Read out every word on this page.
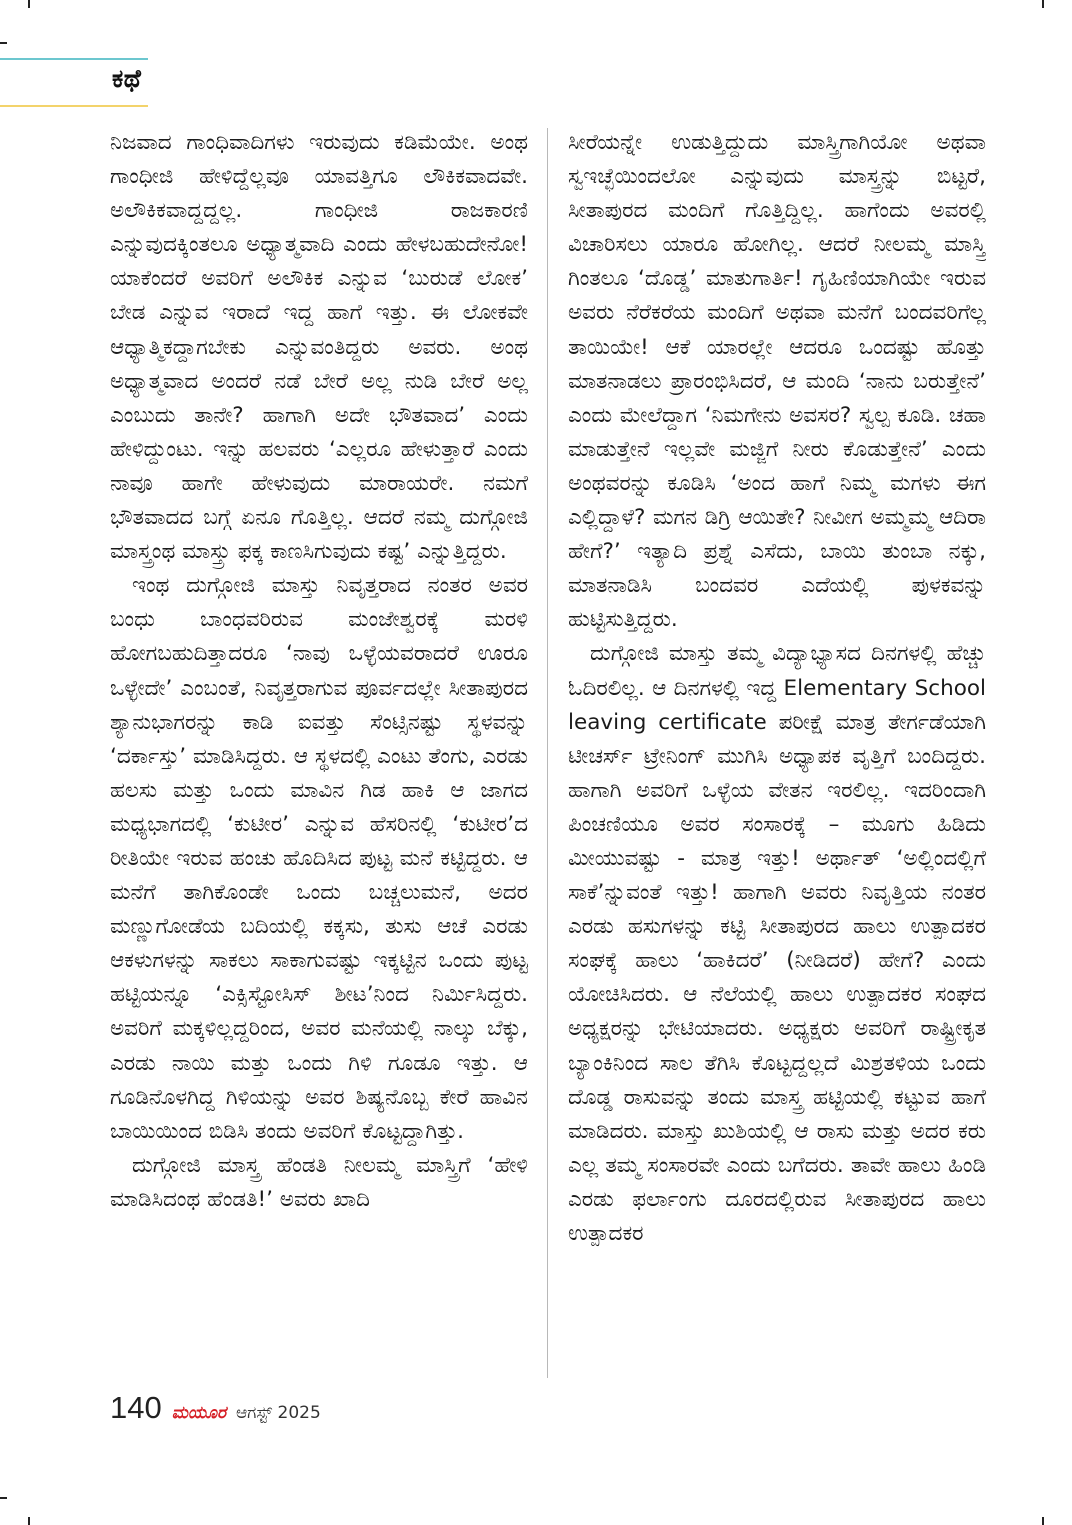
ಕಥೆ

ನಿಜವಾದ ಗಾಂಧಿವಾದಿಗಳು ಇರುವುದು ಕಡಿಮೆಯೇ. ಅಂಥ ಗಾಂಧೀಜಿ ಹೇಳಿದ್ದೆಲ್ಲವೂ ಯಾವತ್ತಿಗೂ ಲೌಕಿಕವಾದವೇ. ಅಲೌಕಿಕವಾದ್ದದ್ದಲ್ಲ. ಗಾಂಧೀಜಿ ರಾಜಕಾರಣಿ ಎನ್ನುವುದಕ್ಕಿಂತಲೂ ಅಧ್ಯಾತ್ಮವಾದಿ ಎಂದು ಹೇಳಬಹುದೇನೋ! ಯಾಕೆಂದರೆ ಅವರಿಗೆ ಅಲೌಕಿಕ ಎನ್ನುವ ‘ಬುರುಡೆ ಲೋಕ’ ಬೇಡ ಎನ್ನುವ ಇರಾದೆ ಇದ್ದ ಹಾಗೆ ಇತ್ತು. ಈ ಲೋಕವೇ ಆಧ್ಯಾತ್ಮಿಕದ್ದಾಗಬೇಕು ಎನ್ನುವಂತಿದ್ದರು ಅವರು. ಅಂಥ ಅಧ್ಯಾತ್ಮವಾದ ಅಂದರೆ ನಡೆ ಬೇರೆ ಅಲ್ಲ ನುಡಿ ಬೇರೆ ಅಲ್ಲ ಎಂಬುದು ತಾನೇ? ಹಾಗಾಗಿ ಅದೇ ಭೌತವಾದ’ ಎಂದು ಹೇಳಿದ್ದುಂಟು. ಇನ್ನು ಹಲವರು ‘ಎಲ್ಲರೂ ಹೇಳುತ್ತಾರೆ ಎಂದು ನಾವೂ ಹಾಗೇ ಹೇಳುವುದು ಮಾರಾಯರೇ. ನಮಗೆ ಭೌತವಾದದ ಬಗ್ಗೆ ಏನೂ ಗೊತ್ತಿಲ್ಲ. ಆದರೆ ನಮ್ಮ ದುಗ್ಗೋಜಿ ಮಾಸ್ತ್ರಂಥ ಮಾಸ್ತ್ರು ಫಕ್ಕ ಕಾಣಸಿಗುವುದು ಕಷ್ಟ’ ಎನ್ನುತ್ತಿದ್ದರು.

ಇಂಥ ದುಗ್ಗೋಜಿ ಮಾಸ್ತು ನಿವೃತ್ತರಾದ ನಂತರ ಅವರ ಬಂಧು ಬಾಂಧವರಿರುವ ಮಂಜೇಶ್ವರಕ್ಕೆ ಮರಳಿ ಹೋಗಬಹುದಿತ್ತಾದರೂ ‘ನಾವು ಒಳ್ಳೆಯವರಾದರೆ ಊರೂ ಒಳ್ಳೇದೇ’ ಎಂಬಂತೆ, ನಿವೃತ್ತರಾಗುವ ಪೂರ್ವದಲ್ಲೇ ಸೀತಾಪುರದ ಶ್ಯಾನುಭಾಗರನ್ನು ಕಾಡಿ ಐವತ್ತು ಸೆಂಟ್ಸಿನಷ್ಟು ಸ್ಥಳವನ್ನು ‘ದರ್ಕಾಸ್ತು’ ಮಾಡಿಸಿದ್ದರು. ಆ ಸ್ಥಳದಲ್ಲಿ ಎಂಟು ತೆಂಗು, ಎರಡು ಹಲಸು ಮತ್ತು ಒಂದು ಮಾವಿನ ಗಿಡ ಹಾಕಿ ಆ ಜಾಗದ ಮಧ್ಯಭಾಗದಲ್ಲಿ ‘ಕುಟೀರ’ ಎನ್ನುವ ಹೆಸರಿನಲ್ಲಿ ‘ಕುಟೀರ’ದ ರೀತಿಯೇ ಇರುವ ಹಂಚು ಹೊದಿಸಿದ ಪುಟ್ಟ ಮನೆ ಕಟ್ಟಿದ್ದರು. ಆ ಮನೆಗೆ ತಾಗಿಕೊಂಡೇ ಒಂದು ಬಚ್ಚಲುಮನೆ, ಅದರ ಮಣ್ಣುಗೋಡೆಯ ಬದಿಯಲ್ಲಿ ಕಕ್ಕಸು, ತುಸು ಆಚೆ ಎರಡು ಆಕಳುಗಳನ್ನು ಸಾಕಲು ಸಾಕಾಗುವಷ್ಟು ಇಕ್ಕಟ್ಟಿನ ಒಂದು ಪುಟ್ಟ ಹಟ್ಟಿಯನ್ನೂ ‘ಎಕ್ಸಿಸ್ಟೋಸಿಸ್ ಶೀಟ’ನಿಂದ ನಿರ್ಮಿಸಿದ್ದರು. ಅವರಿಗೆ ಮಕ್ಕಳಿಲ್ಲದ್ದರಿಂದ, ಅವರ ಮನೆಯಲ್ಲಿ ನಾಲ್ಕು ಬೆಕ್ಕು, ಎರಡು ನಾಯಿ ಮತ್ತು ಒಂದು ಗಿಳಿ ಗೂಡೂ ಇತ್ತು. ಆ ಗೂಡಿನೊಳಗಿದ್ದ ಗಿಳಿಯನ್ನು ಅವರ ಶಿಷ್ಯನೊಬ್ಬ ಕೇರೆ ಹಾವಿನ ಬಾಯಿಯಿಂದ ಬಿಡಿಸಿ ತಂದು ಅವರಿಗೆ ಕೊಟ್ಟದ್ದಾಗಿತ್ತು.

ದುಗ್ಗೋಜಿ ಮಾಸ್ತ್ರ ಹೆಂಡತಿ ನೀಲಮ್ಮ ಮಾಸ್ತ್ರಿಗೆ ‘ಹೇಳಿ ಮಾಡಿಸಿದಂಥ ಹೆಂಡತಿ!’ ಅವರು ಖಾದಿ

ಸೀರೆಯನ್ನೇ ಉಡುತ್ತಿದ್ದುದು ಮಾಸ್ತ್ರಿಗಾಗಿಯೋ ಅಥವಾ ಸ್ವಇಚ್ಛೆಯಿಂದಲೋ ಎನ್ನುವುದು ಮಾಸ್ತ್ರನ್ನು ಬಿಟ್ಟರೆ, ಸೀತಾಪುರದ ಮಂದಿಗೆ ಗೊತ್ತಿದ್ದಿಲ್ಲ. ಹಾಗೆಂದು ಅವರಲ್ಲಿ ವಿಚಾರಿಸಲು ಯಾರೂ ಹೋಗಿಲ್ಲ. ಆದರೆ ನೀಲಮ್ಮ ಮಾಸ್ತ್ರಿ ಗಿಂತಲೂ ‘ದೊಡ್ಡ’ ಮಾತುಗಾರ್ತಿ! ಗೃಹಿಣಿಯಾಗಿಯೇ ಇರುವ ಅವರು ನೆರೆಕರೆಯ ಮಂದಿಗೆ ಅಥವಾ ಮನೆಗೆ ಬಂದವರಿಗೆಲ್ಲ ತಾಯಿಯೇ! ಆಕೆ ಯಾರಲ್ಲೇ ಆದರೂ ಒಂದಷ್ಟು ಹೊತ್ತು ಮಾತನಾಡಲು ಪ್ರಾರಂಭಿಸಿದರೆ, ಆ ಮಂದಿ ‘ನಾನು ಬರುತ್ತೇನೆ’ ಎಂದು ಮೇಲೆದ್ದಾಗ ‘ನಿಮಗೇನು ಅವಸರ? ಸ್ವಲ್ಪ ಕೂಡಿ. ಚಹಾ ಮಾಡುತ್ತೇನೆ ಇಲ್ಲವೇ ಮಜ್ಜಿಗೆ ನೀರು ಕೊಡುತ್ತೇನೆ’ ಎಂದು ಅಂಥವರನ್ನು ಕೂಡಿಸಿ ‘ಅಂದ ಹಾಗೆ ನಿಮ್ಮ ಮಗಳು ಈಗ ಎಲ್ಲಿದ್ದಾಳೆ? ಮಗನ ಡಿಗ್ರಿ ಆಯಿತೇ? ನೀವೀಗ ಅಮ್ಮಮ್ಮ ಆದಿರಾ ಹೇಗೆ?’ ಇತ್ಯಾದಿ ಪ್ರಶ್ನೆ ಎಸೆದು, ಬಾಯಿ ತುಂಬಾ ನಕ್ಕು, ಮಾತನಾಡಿಸಿ ಬಂದವರ ಎದೆಯಲ್ಲಿ ಪುಳಕವನ್ನು ಹುಟ್ಟಿಸುತ್ತಿದ್ದರು.

ದುಗ್ಗೋಜಿ ಮಾಸ್ತು ತಮ್ಮ ವಿದ್ಯಾಭ್ಯಾಸದ ದಿನಗಳಲ್ಲಿ ಹೆಚ್ಚು ಓದಿರಲಿಲ್ಲ. ಆ ದಿನಗಳಲ್ಲಿ ಇದ್ದ Elementary School leaving certificate ಪರೀಕ್ಷೆ ಮಾತ್ರ ತೇರ್ಗಡೆಯಾಗಿ ಟೀಚರ್ಸ್ ಟ್ರೇನಿಂಗ್ ಮುಗಿಸಿ ಅಧ್ಯಾಪಕ ವೃತ್ತಿಗೆ ಬಂದಿದ್ದರು. ಹಾಗಾಗಿ ಅವರಿಗೆ ಒಳ್ಳೆಯ ವೇತನ ಇರಲಿಲ್ಲ. ಇದರಿಂದಾಗಿ ಪಿಂಚಣಿಯೂ ಅವರ ಸಂಸಾರಕ್ಕೆ – ಮೂಗು ಹಿಡಿದು ಮೀಯುವಷ್ಟು - ಮಾತ್ರ ಇತ್ತು! ಅರ್ಥಾತ್ ‘ಅಲ್ಲಿಂದಲ್ಲಿಗೆ ಸಾಕೆ’ನ್ನುವಂತೆ ಇತ್ತು! ಹಾಗಾಗಿ ಅವರು ನಿವೃತ್ತಿಯ ನಂತರ ಎರಡು ಹಸುಗಳನ್ನು ಕಟ್ಟಿ ಸೀತಾಪುರದ ಹಾಲು ಉತ್ಪಾದಕರ ಸಂಘಕ್ಕೆ ಹಾಲು ‘ಹಾಕಿದರೆ’ (ನೀಡಿದರೆ) ಹೇಗೆ? ಎಂದು ಯೋಚಿಸಿದರು. ಆ ನೆಲೆಯಲ್ಲಿ ಹಾಲು ಉತ್ಪಾದಕರ ಸಂಘದ ಅಧ್ಯಕ್ಷರನ್ನು ಭೇಟಿಯಾದರು. ಅಧ್ಯಕ್ಷರು ಅವರಿಗೆ ರಾಷ್ಟ್ರೀಕೃತ ಬ್ಯಾಂಕಿನಿಂದ ಸಾಲ ತೆಗಿಸಿ ಕೊಟ್ಟದ್ದಲ್ಲದೆ ಮಿಶ್ರತಳಿಯ ಒಂದು ದೊಡ್ಡ ರಾಸುವನ್ನು ತಂದು ಮಾಸ್ತ್ರ ಹಟ್ಟಿಯಲ್ಲಿ ಕಟ್ಟುವ ಹಾಗೆ ಮಾಡಿದರು. ಮಾಸ್ತು ಖುಶಿಯಲ್ಲಿ ಆ ರಾಸು ಮತ್ತು ಅದರ ಕರು ಎಲ್ಲ ತಮ್ಮ ಸಂಸಾರವೇ ಎಂದು ಬಗೆದರು. ತಾವೇ ಹಾಲು ಹಿಂಡಿ ಎರಡು ಫರ್ಲಾಂಗು ದೂರದಲ್ಲಿರುವ ಸೀತಾಪುರದ ಹಾಲು ಉತ್ಪಾದಕರ

140 ಮಯೂರ ಆಗಸ್ಟ್ 2025
